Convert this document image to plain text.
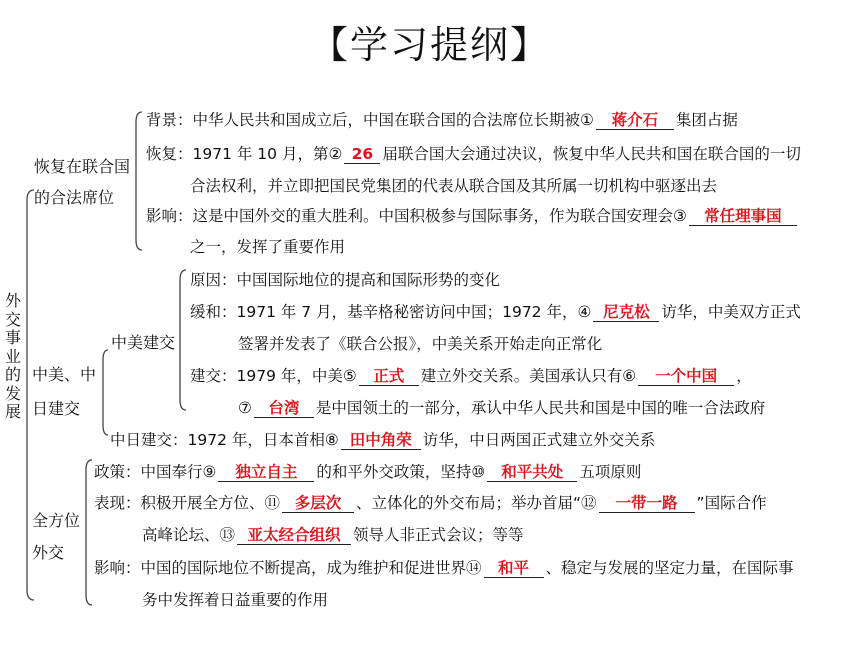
【学习提纲】
外交事业的发展
恢复在联合国
的合法席位
背景：中华人民共和国成立后，中国在联合国的合法席位长期被① 蒋介石 集团占据
恢复：1971 年 10 月，第② 26 届联合国大会通过决议，恢复中华人民共和国在联合国的一切
合法权利，并立即把国民党集团的代表从联合国及其所属一切机构中驱逐出去
影响：这是中国外交的重大胜利。中国积极参与国际事务，作为联合国安理会③ 常任理事国
之一，发挥了重要作用
中美、中
日建交
中美建交
原因：中国国际地位的提高和国际形势的变化
缓和：1971 年 7 月，基辛格秘密访问中国；1972 年，④ 尼克松 访华，中美双方正式
签署并发表了《联合公报》，中美关系开始走向正常化
建交：1979 年，中美⑤ 正式 建立外交关系。美国承认只有⑥ 一个中国 ，
⑦ 台湾 是中国领土的一部分，承认中华人民共和国是中国的唯一合法政府
中日建交：1972 年，日本首相⑧ 田中角荣 访华，中日两国正式建立外交关系
全方位
外交
政策：中国奉行⑨ 独立自主 的和平外交政策，坚持⑩ 和平共处 五项原则
表现：积极开展全方位、⑪ 多层次 、立体化的外交布局；举办首届“⑫ 一带一路 ”国际合作
高峰论坛、⑬ 亚太经合组织 领导人非正式会议；等等
影响：中国的国际地位不断提高，成为维护和促进世界⑭ 和平 、稳定与发展的坚定力量，在国际事
务中发挥着日益重要的作用
